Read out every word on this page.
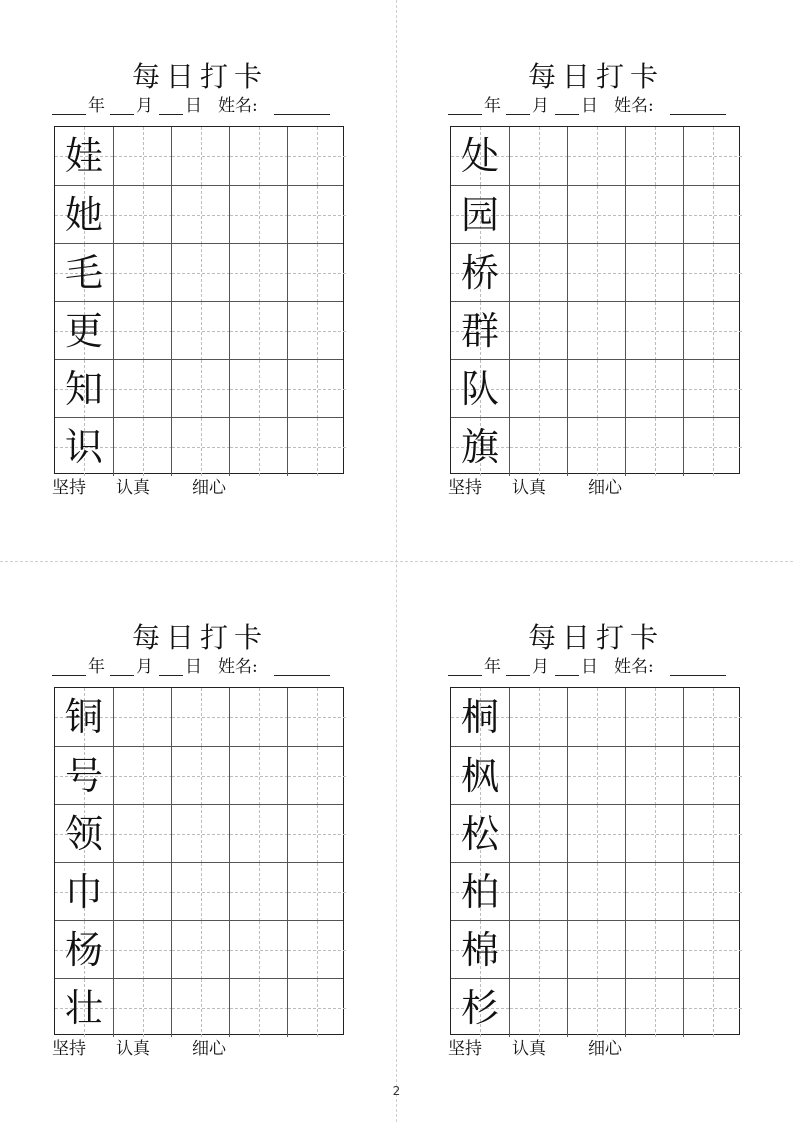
每日打卡
年 月 日 姓名:
娃
她
毛
更
知
识
坚持 认真 细心
每日打卡
年 月 日 姓名:
处
园
桥
群
队
旗
坚持 认真 细心
每日打卡
年 月 日 姓名:
铜
号
领
巾
杨
壮
坚持 认真 细心
每日打卡
年 月 日 姓名:
桐
枫
松
柏
棉
杉
坚持 认真 细心
2
